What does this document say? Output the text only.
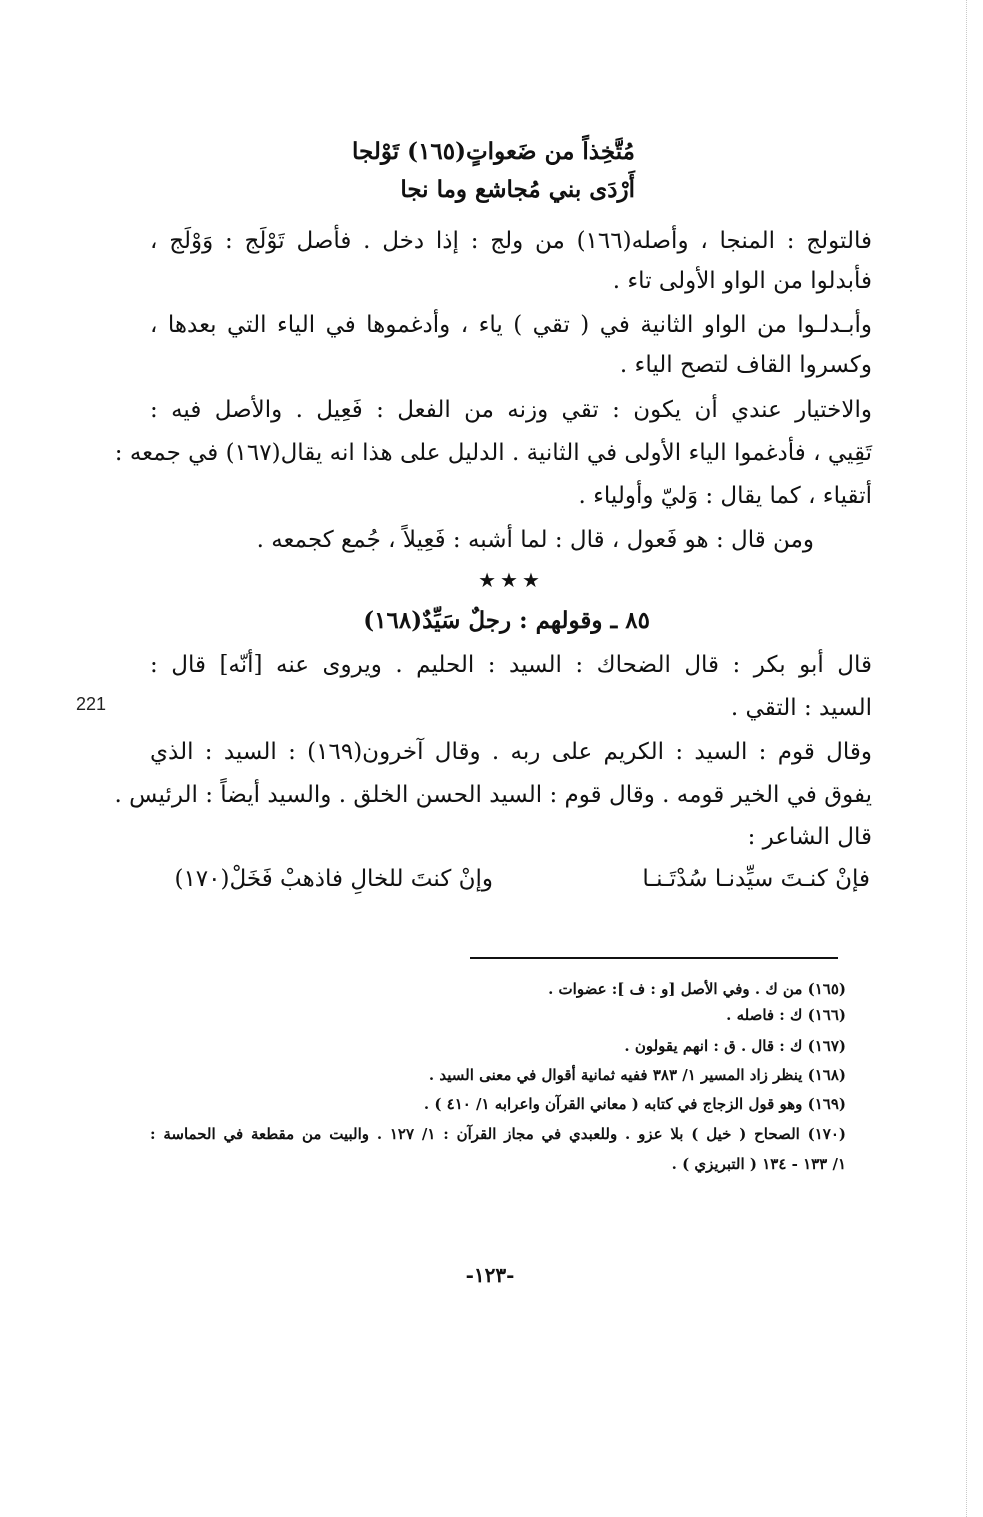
221
مُتَّخِذاً من ضَعواتٍ(١٦٥) تَوْلجا
أَرْدَى بني مُجاشع وما نجا
فالتولج : المنجا ، وأصله(١٦٦) من ولج : إذا دخل . فأصل تَوْلَج : وَوْلَج ،
فأبدلوا من الواو الأولى تاء .
وأبـدلـوا من الواو الثانية في ( تقي ) ياء ، وأدغموها في الياء التي بعدها ،
وكسروا القاف لتصح الياء .
والاختيار عندي أن يكون : تقي وزنه من الفعل : فَعِيل . والأصل فيه :
تَقِيي ، فأدغموا الياء الأولى في الثانية . الدليل على هذا انه يقال(١٦٧) في جمعه :
أتقياء ، كما يقال : وَليّ وأولياء .
ومن قال : هو فَعول ، قال : لما أشبه : فَعِيلاً ، جُمع كجمعه .
★★★
٨٥ ـ وقولهم : رجلٌ سَيِّدٌ(١٦٨)
قال أبو بكر : قال الضحاك : السيد : الحليم . ويروى عنه [أنّه] قال :
السيد : التقي .
وقال قوم : السيد : الكريم على ربه . وقال آخرون(١٦٩) : السيد : الذي
يفوق في الخير قومه . وقال قوم : السيد الحسن الخلق . والسيد أيضاً : الرئيس .
قال الشاعر :
فإنْ كنـتَ سيِّدنـا سُدْتَـنـا
وإنْ كنتَ للخالِ فاذهبْ فَخَلْ(١٧٠)
(١٦٥) من ك . وفي الأصل [و : ف ]: عضوات .
(١٦٦) ك : فاصله .
(١٦٧) ك : قال . ق : انهم يقولون .
(١٦٨) ينظر زاد المسير ١/ ٣٨٣ ففيه ثمانية أقوال في معنى السيد .
(١٦٩) وهو قول الزجاج في كتابه ( معاني القرآن واعرابه ١/ ٤١٠ ) .
(١٧٠) الصحاح ( خيل ) بلا عزو . وللعبدي في مجاز القرآن : ١/ ١٢٧ . والبيت من مقطعة في الحماسة :
١/ ١٣٣ - ١٣٤ ( التبريزي ) .
-١٢٣-
